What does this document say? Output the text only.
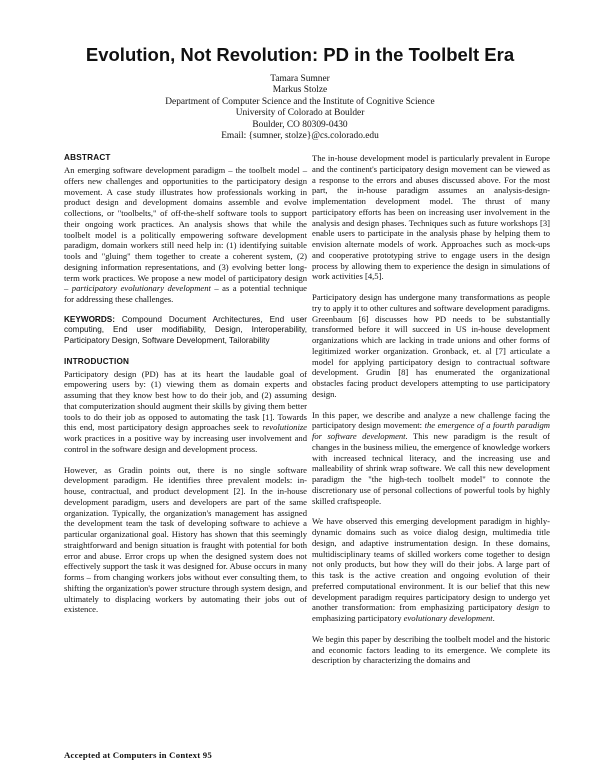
Evolution, Not Revolution: PD in the Toolbelt Era
Tamara Sumner
Markus Stolze
Department of Computer Science and the Institute of Cognitive Science
University of Colorado at Boulder
Boulder, CO 80309-0430
Email: {sumner, stolze}@cs.colorado.edu
ABSTRACT

An emerging software development paradigm – the toolbelt model – offers new challenges and opportunities to the participatory design movement. A case study illustrates how professionals working in product design and development domains assemble and evolve collections, or "toolbelts," of off-the-shelf software tools to support their ongoing work practices. An analysis shows that while the toolbelt model is a politically empowering software development paradigm, domain workers still need help in: (1) identifying suitable tools and "gluing" them together to create a coherent system, (2) designing information representations, and (3) evolving better long-term work practices. We propose a new model of participatory design – participatory evolutionary development – as a potential technique for addressing these challenges.

KEYWORDS: Compound Document Architectures, End user computing, End user modifiability, Design, Interoperability, Participatory Design, Software Development, Tailorability

INTRODUCTION

Participatory design (PD) has at its heart the laudable goal of empowering users by: (1) viewing them as domain experts and assuming that they know best how to do their job, and (2) assuming that computerization should augment their skills by giving them better tools to do their job as opposed to automating the task [1]. Towards this end, most participatory design approaches seek to revolutionize work practices in a positive way by increasing user involvement and control in the software design and development process.

However, as Gradin points out, there is no single software development paradigm. He identifies three prevalent models: in-house, contractual, and product development [2]. In the in-house development paradigm, users and developers are part of the same organization. Typically, the organization's management has assigned the development team the task of developing software to achieve a particular organizational goal. History has shown that this seemingly straightforward and benign situation is fraught with potential for both error and abuse. Error crops up when the designed system does not effectively support the task it was designed for. Abuse occurs in many forms – from changing workers jobs without ever consulting them, to shifting the organization's power structure through system design, and ultimately to displacing workers by automating their jobs out of existence.

The in-house development model is particularly prevalent in Europe and the continent's participatory design movement can be viewed as a response to the errors and abuses discussed above. For the most part, the in-house paradigm assumes an analysis-design-implementation development model. The thrust of many participatory efforts has been on increasing user involvement in the analysis and design phases. Techniques such as future workshops [3] enable users to participate in the analysis phase by helping them to envision alternate models of work. Approaches such as mock-ups and cooperative prototyping strive to engage users in the design process by allowing them to experience the design in simulations of work activities [4,5].

Participatory design has undergone many transformations as people try to apply it to other cultures and software development paradigms. Greenbaum [6] discusses how PD needs to be substantially transformed before it will succeed in US in-house development organizations which are lacking in trade unions and other forms of legitimized worker organization. Gronback, et. al [7] articulate a model for applying participatory design to contractual software development. Grudin [8] has enumerated the organizational obstacles facing product developers attempting to use participatory design.

In this paper, we describe and analyze a new challenge facing the participatory design movement: the emergence of a fourth paradigm for software development. This new paradigm is the result of changes in the business milieu, the emergence of knowledge workers with increased technical literacy, and the increasing use and malleability of shrink wrap software. We call this new development paradigm the "the high-tech toolbelt model" to connote the discretionary use of personal collections of powerful tools by highly skilled craftspeople.

We have observed this emerging development paradigm in highly-dynamic domains such as voice dialog design, multimedia title design, and adaptive instrumentation design. In these domains, multidisciplinary teams of skilled workers come together to design not only products, but how they will do their jobs. A large part of this task is the active creation and ongoing evolution of their preferred computational environment. It is our belief that this new development paradigm requires participatory design to undergo yet another transformation: from emphasizing participatory design to emphasizing participatory evolutionary development.

We begin this paper by describing the toolbelt model and the historic and economic factors leading to its emergence. We complete its description by characterizing the domains and

Accepted at Computers in Context 95
